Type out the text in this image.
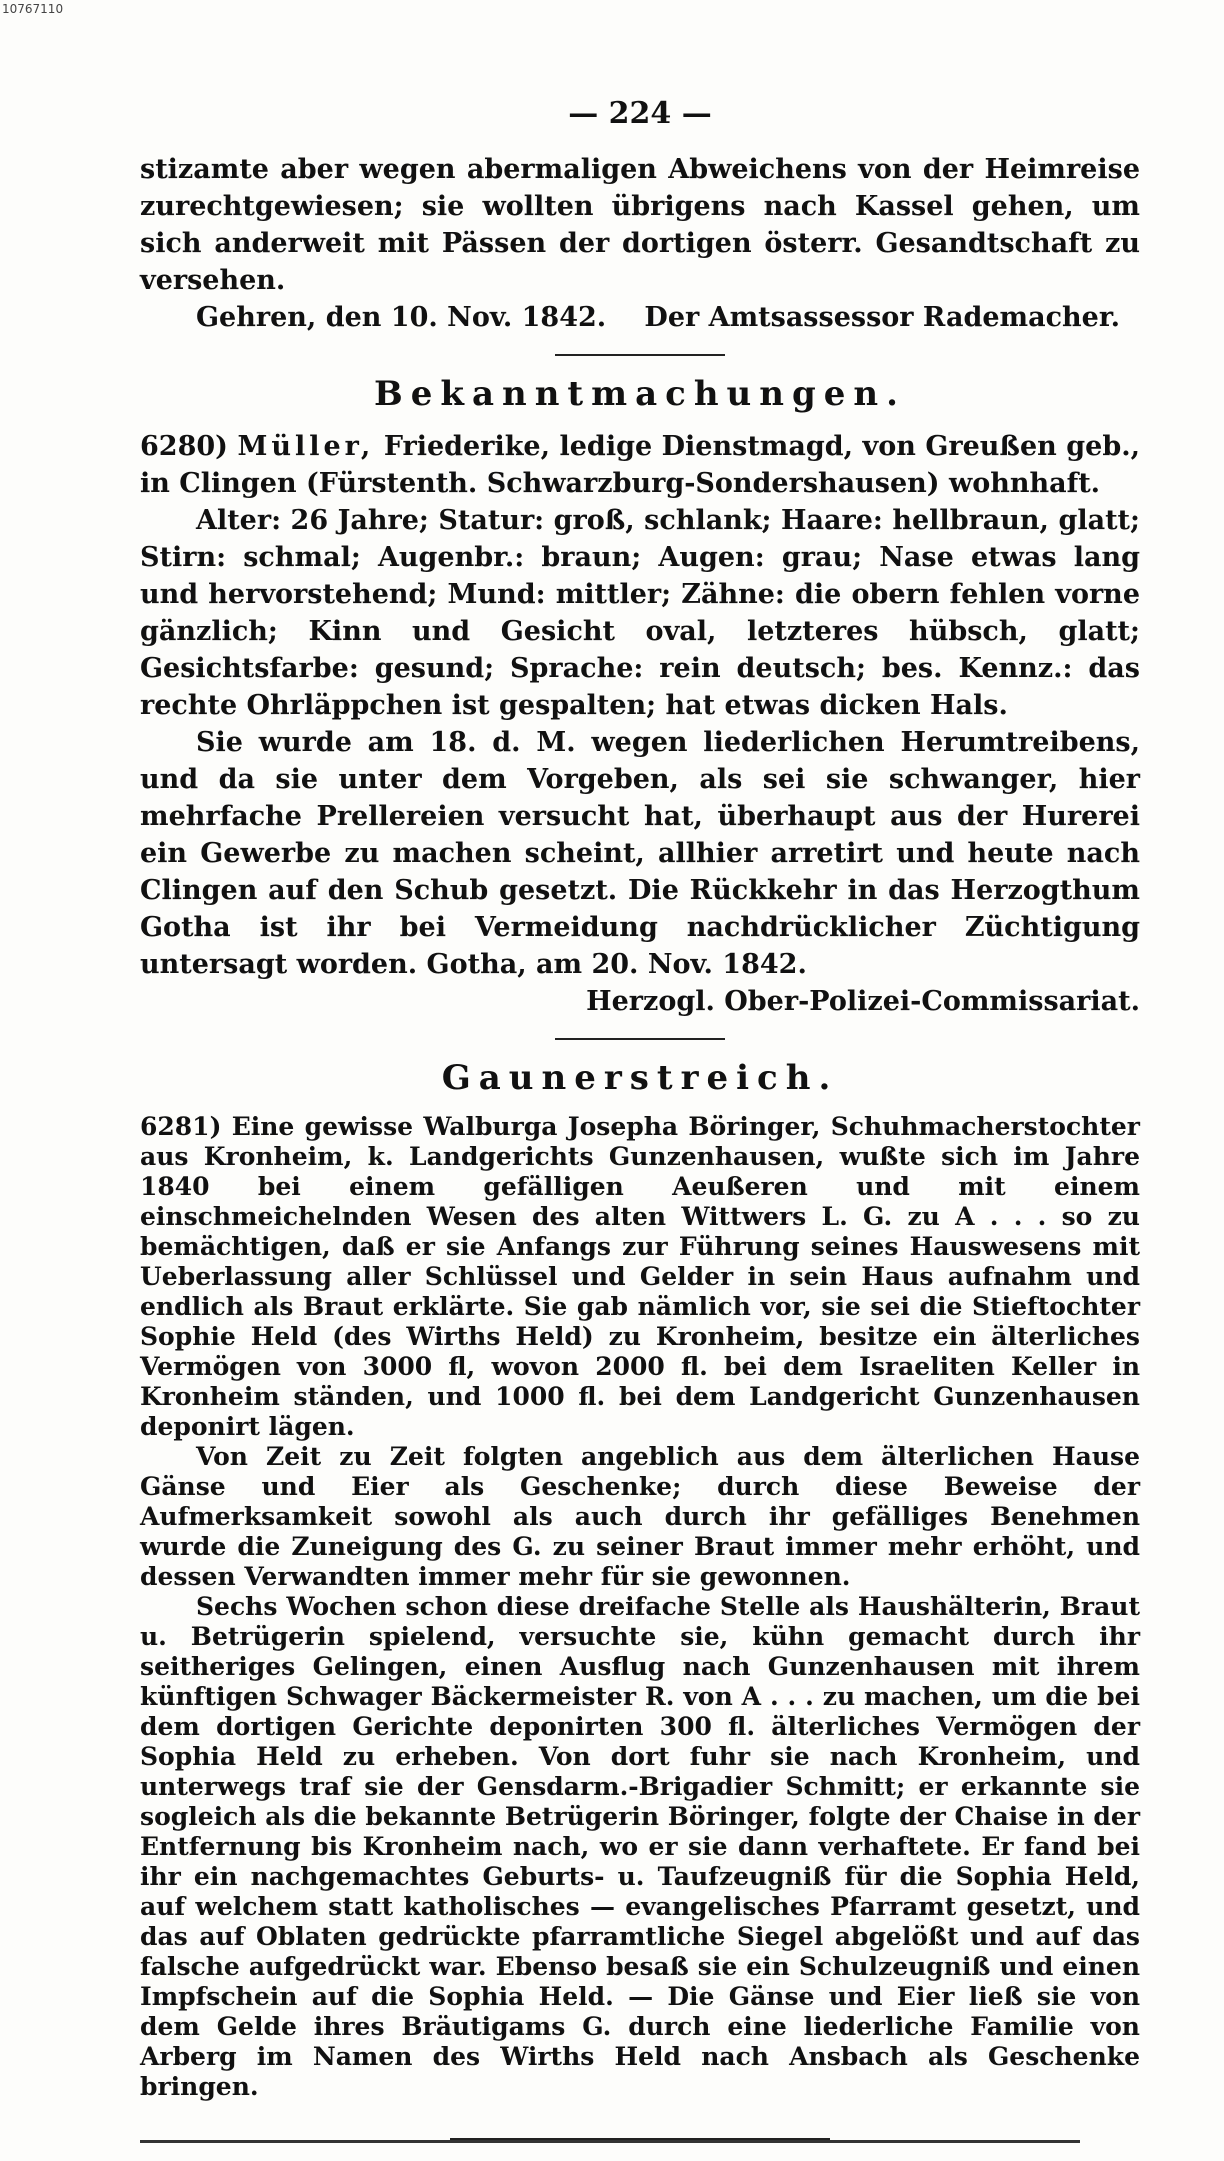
10767110
— 224 —

stizamte aber wegen abermaligen Abweichens von der Heimreise zurechtgewiesen; sie wollten übrigens nach Kassel gehen, um sich anderweit mit Pässen der dortigen österr. Gesandtschaft zu versehen.

Gehren, den 10. Nov. 1842. Der Amtsassessor Rademacher.
Bekanntmachungen.

6280) Müller, Friederike, ledige Dienstmagd, von Greußen geb., in Clingen (Fürstenth. Schwarzburg-Sondershausen) wohnhaft.

Alter: 26 Jahre; Statur: groß, schlank; Haare: hellbraun, glatt; Stirn: schmal; Augenbr.: braun; Augen: grau; Nase etwas lang und hervorstehend; Mund: mittler; Zähne: die obern fehlen vorne gänzlich; Kinn und Gesicht oval, letzteres hübsch, glatt; Gesichtsfarbe: gesund; Sprache: rein deutsch; bes. Kennz.: das rechte Ohrläppchen ist gespalten; hat etwas dicken Hals.

Sie wurde am 18. d. M. wegen liederlichen Herumtreibens, und da sie unter dem Vorgeben, als sei sie schwanger, hier mehrfache Prellereien versucht hat, überhaupt aus der Hurerei ein Gewerbe zu machen scheint, allhier arretirt und heute nach Clingen auf den Schub gesetzt. Die Rückkehr in das Herzogthum Gotha ist ihr bei Vermeidung nachdrücklicher Züchtigung untersagt worden. Gotha, am 20. Nov. 1842.

Herzogl. Ober-Polizei-Commissariat.
Gaunerstreich.

6281) Eine gewisse Walburga Josepha Böringer, Schuhmacherstochter aus Kronheim, k. Landgerichts Gunzenhausen, wußte sich im Jahre 1840 bei einem gefälligen Aeußeren und mit einem einschmeichelnden Wesen des alten Wittwers L. G. zu A . . . so zu bemächtigen, daß er sie Anfangs zur Führung seines Hauswesens mit Ueberlassung aller Schlüssel und Gelder in sein Haus aufnahm und endlich als Braut erklärte. Sie gab nämlich vor, sie sei die Stieftochter Sophie Held (des Wirths Held) zu Kronheim, besitze ein älterliches Vermögen von 3000 fl, wovon 2000 fl. bei dem Israeliten Keller in Kronheim ständen, und 1000 fl. bei dem Landgericht Gunzenhausen deponirt lägen.

Von Zeit zu Zeit folgten angeblich aus dem älterlichen Hause Gänse und Eier als Geschenke; durch diese Beweise der Aufmerksamkeit sowohl als auch durch ihr gefälliges Benehmen wurde die Zuneigung des G. zu seiner Braut immer mehr erhöht, und dessen Verwandten immer mehr für sie gewonnen.

Sechs Wochen schon diese dreifache Stelle als Haushälterin, Braut u. Betrügerin spielend, versuchte sie, kühn gemacht durch ihr seitheriges Gelingen, einen Ausflug nach Gunzenhausen mit ihrem künftigen Schwager Bäckermeister R. von A . . . zu machen, um die bei dem dortigen Gerichte deponirten 300 fl. älterliches Vermögen der Sophia Held zu erheben. Von dort fuhr sie nach Kronheim, und unterwegs traf sie der Gensdarm.-Brigadier Schmitt; er erkannte sie sogleich als die bekannte Betrügerin Böringer, folgte der Chaise in der Entfernung bis Kronheim nach, wo er sie dann verhaftete. Er fand bei ihr ein nachgemachtes Geburts- u. Taufzeugniß für die Sophia Held, auf welchem statt katholisches — evangelisches Pfarramt gesetzt, und das auf Oblaten gedrückte pfarramtliche Siegel abgelößt und auf das falsche aufgedrückt war. Ebenso besaß sie ein Schulzeugniß und einen Impfschein auf die Sophia Held. — Die Gänse und Eier ließ sie von dem Gelde ihres Bräutigams G. durch eine liederliche Familie von Arberg im Namen des Wirths Held nach Ansbach als Geschenke bringen.
